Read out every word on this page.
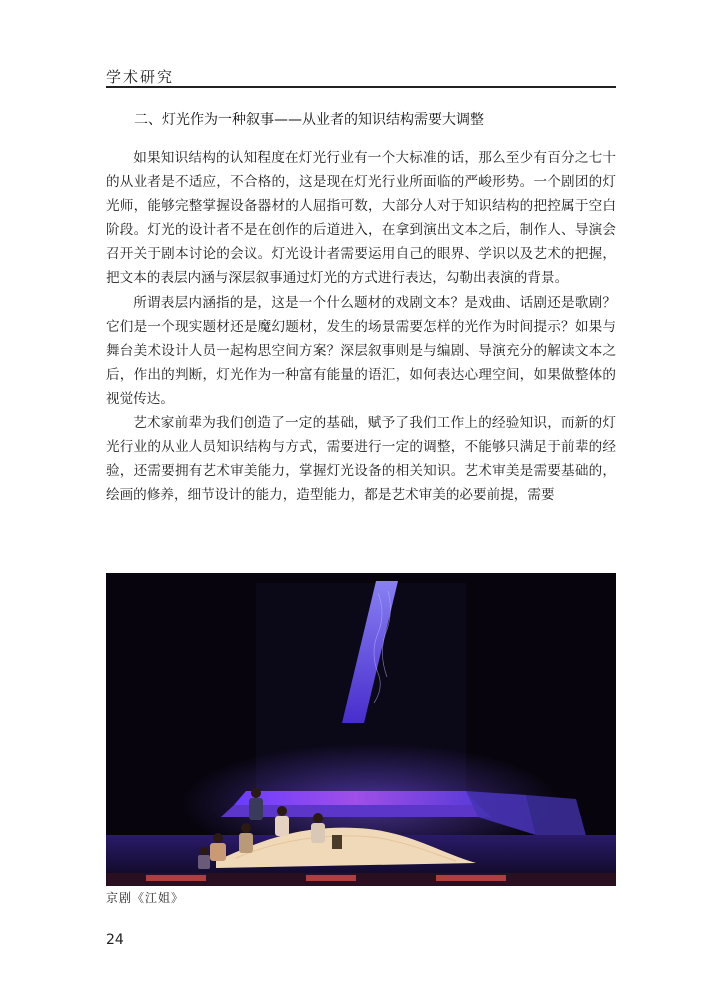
学术研究
二、灯光作为一种叙事——从业者的知识结构需要大调整

如果知识结构的认知程度在灯光行业有一个大标准的话，那么至少有百分之七十的从业者是不适应，不合格的，这是现在灯光行业所面临的严峻形势。一个剧团的灯光师，能够完整掌握设备器材的人屈指可数，大部分人对于知识结构的把控属于空白阶段。灯光的设计者不是在创作的后道进入，在拿到演出文本之后，制作人、导演会召开关于剧本讨论的会议。灯光设计者需要运用自己的眼界、学识以及艺术的把握，把文本的表层内涵与深层叙事通过灯光的方式进行表达，勾勒出表演的背景。

所谓表层内涵指的是，这是一个什么题材的戏剧文本？是戏曲、话剧还是歌剧？它们是一个现实题材还是魔幻题材，发生的场景需要怎样的光作为时间提示？如果与舞台美术设计人员一起构思空间方案？深层叙事则是与编剧、导演充分的解读文本之后，作出的判断，灯光作为一种富有能量的语汇，如何表达心理空间，如果做整体的视觉传达。

艺术家前辈为我们创造了一定的基础，赋予了我们工作上的经验知识，而新的灯光行业的从业人员知识结构与方式，需要进行一定的调整，不能够只满足于前辈的经验，还需要拥有艺术审美能力，掌握灯光设备的相关知识。艺术审美是需要基础的，绘画的修养，细节设计的能力，造型能力，都是艺术审美的必要前提，需要

京剧《江姐》
24
